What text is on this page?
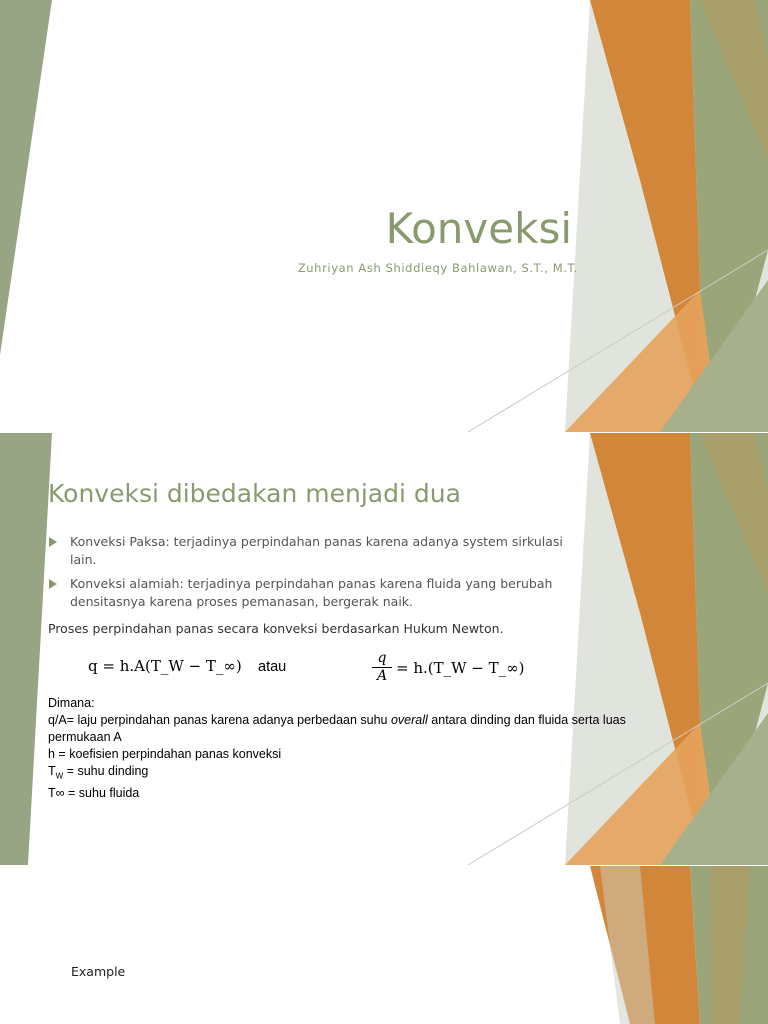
Konveksi
Zuhriyan Ash Shiddieqy Bahlawan, S.T., M.T.
Konveksi dibedakan menjadi dua
Konveksi Paksa: terjadinya perpindahan panas karena adanya system sirkulasi lain.
Konveksi alamiah: terjadinya perpindahan panas karena fluida yang berubah densitasnya karena proses pemanasan, bergerak naik.
Proses perpindahan panas secara konveksi berdasarkan Hukum Newton.
q = h.A(T_W − T_∞) atau	$\frac{q}{A}$ = h.(T_W − T_∞)
Dimana:
q/A= laju perpindahan panas karena adanya perbedaan suhu overall antara dinding dan fluida serta luas permukaan A
h = koefisien perpindahan panas konveksi
$T_W$ = suhu dinding
T∞ = suhu fluida
Example
